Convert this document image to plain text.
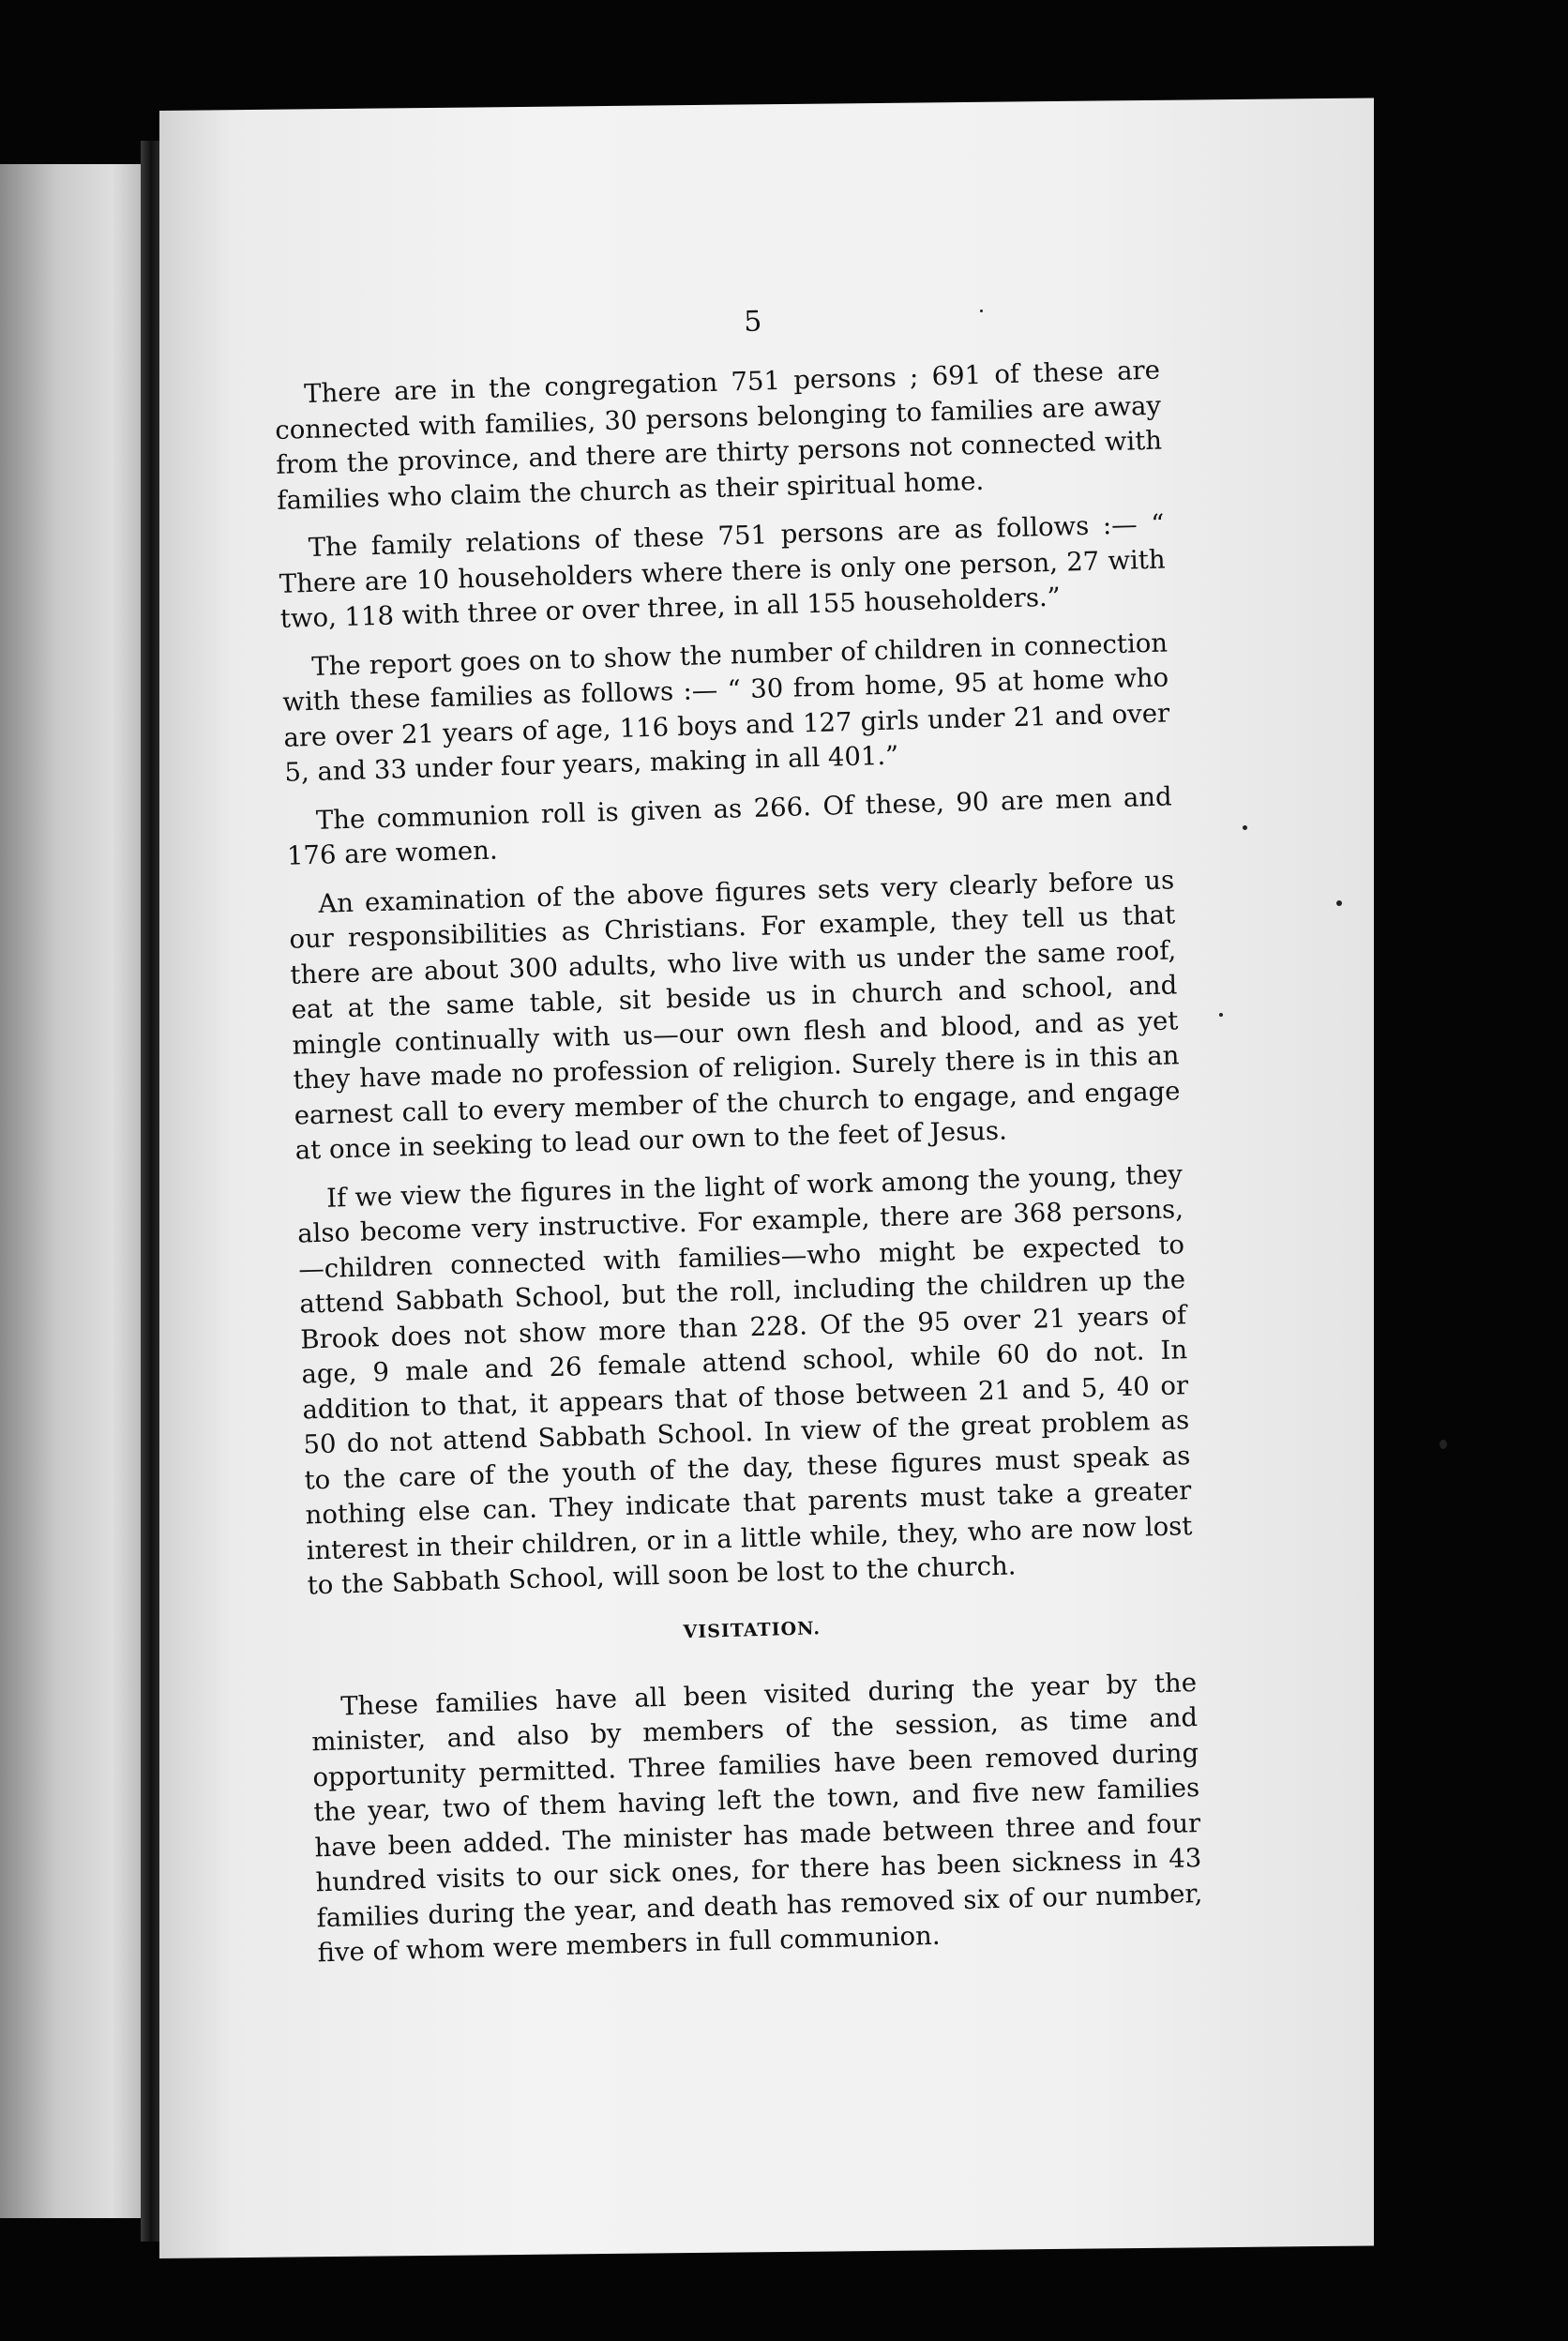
5

There are in the congregation 751 persons ; 691 of these are connected with families, 30 persons belonging to families are away from the province, and there are thirty persons not connected with families who claim the church as their spiritual home.

The family relations of these 751 persons are as follows :— “ There are 10 householders where there is only one person, 27 with two, 118 with three or over three, in all 155 householders.”

The report goes on to show the number of children in connection with these families as follows :— “ 30 from home, 95 at home who are over 21 years of age, 116 boys and 127 girls under 21 and over 5, and 33 under four years, making in all 401.”

The communion roll is given as 266. Of these, 90 are men and 176 are women.

An examination of the above figures sets very clearly before us our responsibilities as Christians. For example, they tell us that there are about 300 adults, who live with us under the same roof, eat at the same table, sit beside us in church and school, and mingle continually with us—our own flesh and blood, and as yet they have made no profession of religion. Surely there is in this an earnest call to every member of the church to engage, and engage at once in seeking to lead our own to the feet of Jesus.

If we view the figures in the light of work among the young, they also become very instructive. For example, there are 368 persons,—children connected with families—who might be expected to attend Sabbath School, but the roll, including the children up the Brook does not show more than 228. Of the 95 over 21 years of age, 9 male and 26 female attend school, while 60 do not. In addition to that, it appears that of those between 21 and 5, 40 or 50 do not attend Sabbath School. In view of the great problem as to the care of the youth of the day, these figures must speak as nothing else can. They indicate that parents must take a greater interest in their children, or in a little while, they, who are now lost to the Sabbath School, will soon be lost to the church.

VISITATION.

These families have all been visited during the year by the minister, and also by members of the session, as time and opportunity permitted. Three families have been removed during the year, two of them having left the town, and five new families have been added. The minister has made between three and four hundred visits to our sick ones, for there has been sickness in 43 families during the year, and death has removed six of our number, five of whom were members in full communion.
